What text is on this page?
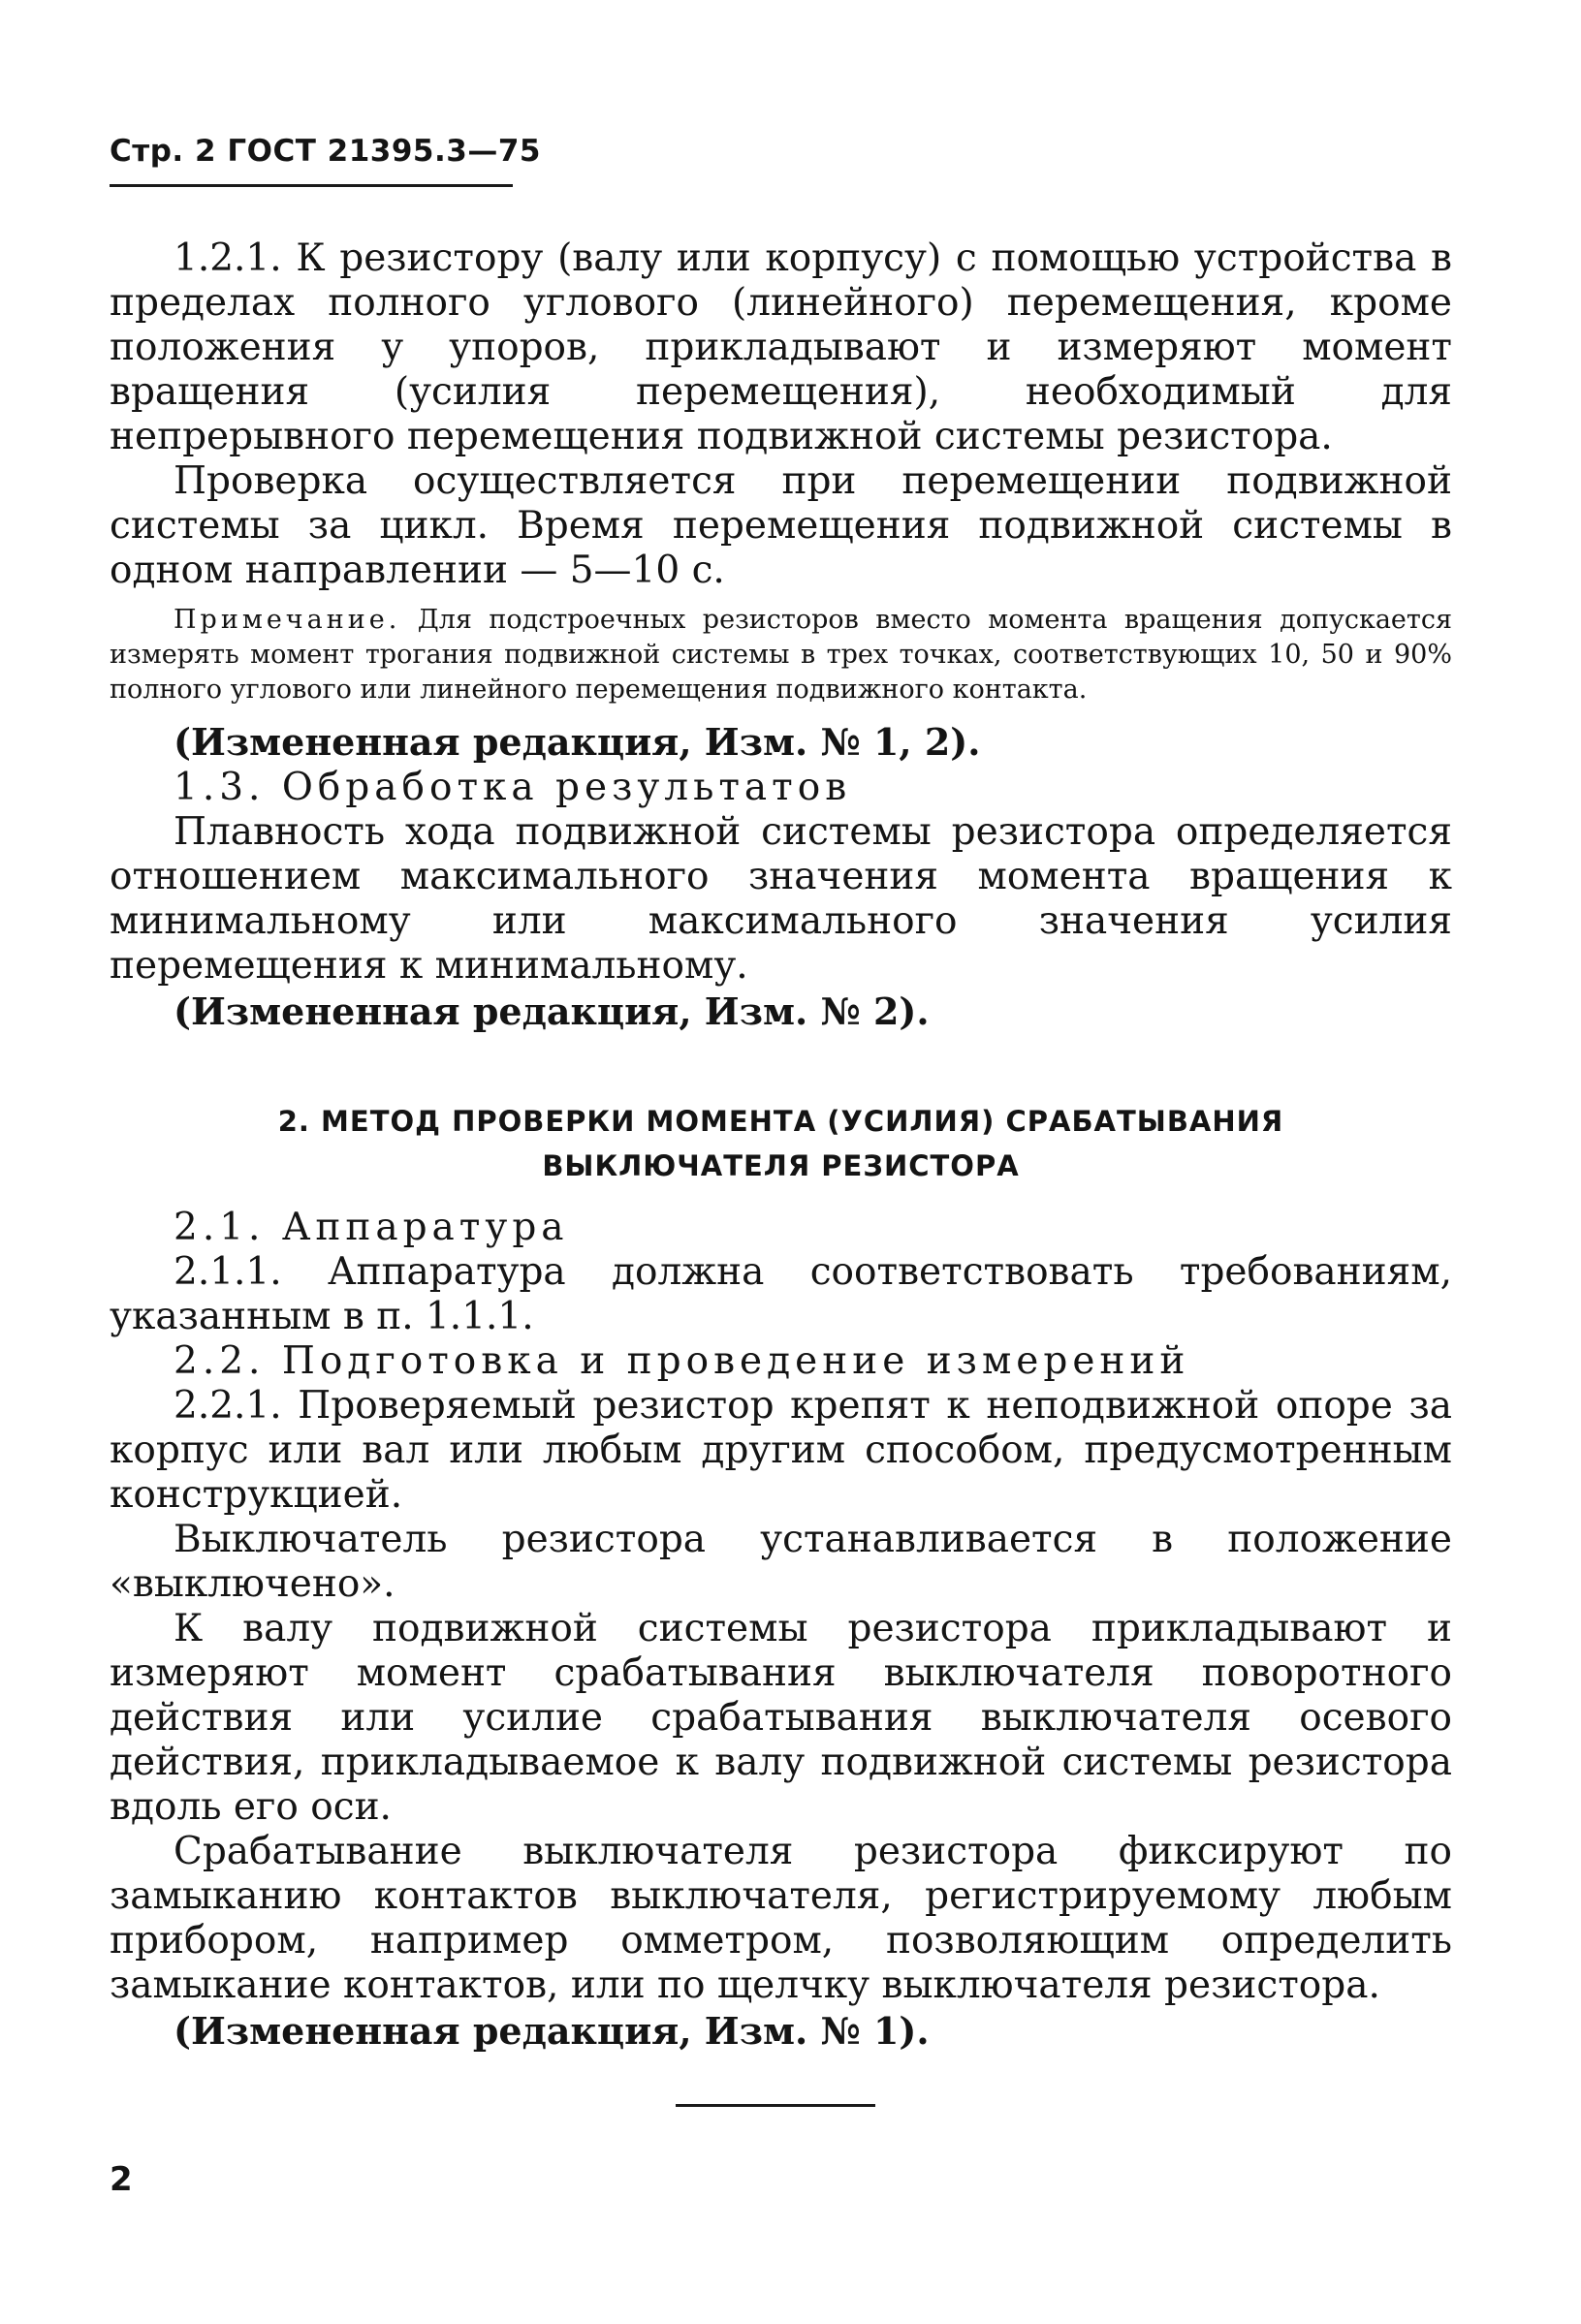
Стр. 2 ГОСТ 21395.3—75

1.2.1. К резистору (валу или корпусу) с помощью устройства в пределах полного углового (линейного) перемещения, кроме положения у упоров, прикладывают и измеряют момент вращения (усилия перемещения), необходимый для непрерывного перемещения подвижной системы резистора.

Проверка осуществляется при перемещении подвижной системы за цикл. Время перемещения подвижной системы в одном направлении — 5—10 с.

Примечание. Для подстроечных резисторов вместо момента вращения допускается измерять момент трогания подвижной системы в трех точках, соответствующих 10, 50 и 90% полного углового или линейного перемещения подвижного контакта.

(Измененная редакция, Изм. № 1, 2).

1.3. Обработка результатов

Плавность хода подвижной системы резистора определяется отношением максимального значения момента вращения к минимальному или максимального значения усилия перемещения к минимальному.

(Измененная редакция, Изм. № 2).

2. МЕТОД ПРОВЕРКИ МОМЕНТА (УСИЛИЯ) СРАБАТЫВАНИЯ
ВЫКЛЮЧАТЕЛЯ РЕЗИСТОРА

2.1. Аппаратура

2.1.1. Аппаратура должна соответствовать требованиям, указанным в п. 1.1.1.

2.2. Подготовка и проведение измерений

2.2.1. Проверяемый резистор крепят к неподвижной опоре за корпус или вал или любым другим способом, предусмотренным конструкцией.

Выключатель резистора устанавливается в положение «выключено».

К валу подвижной системы резистора прикладывают и измеряют момент срабатывания выключателя поворотного действия или усилие срабатывания выключателя осевого действия, прикладываемое к валу подвижной системы резистора вдоль его оси.

Срабатывание выключателя резистора фиксируют по замыканию контактов выключателя, регистрируемому любым прибором, например омметром, позволяющим определить замыкание контактов, или по щелчку выключателя резистора.

(Измененная редакция, Изм. № 1).

2
